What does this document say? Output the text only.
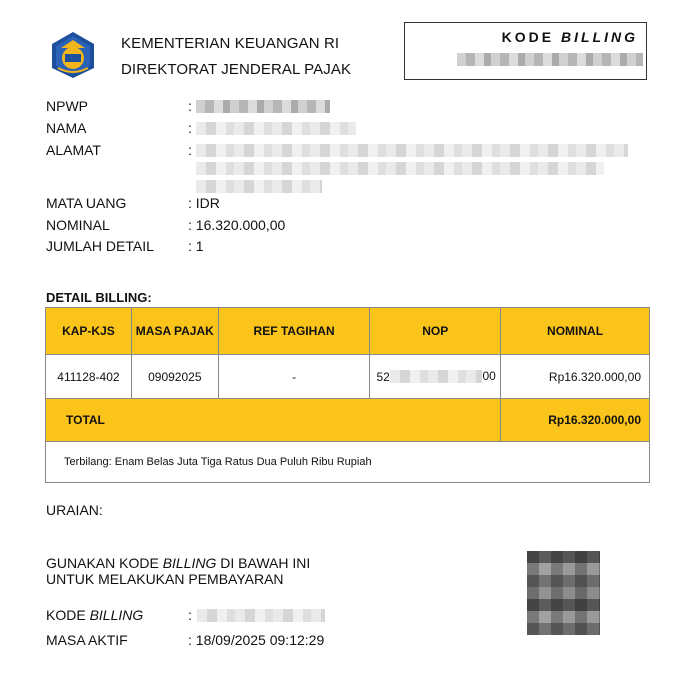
KEMENTERIAN KEUANGAN RI
DIREKTORAT JENDERAL PAJAK
KODE BILLING
NPWP	:
NAMA	:
ALAMAT	:
MATA UANG	: IDR
NOMINAL	: 16.320.000,00
JUMLAH DETAIL : 1
DETAIL BILLING:
KAP-KJS	MASA PAJAK	REF TAGIHAN	NOP	NOMINAL
411128-402	09092025	-	52 00	Rp16.320.000,00
TOTAL				Rp16.320.000,00
Terbilang: Enam Belas Juta Tiga Ratus Dua Puluh Ribu Rupiah				
URAIAN:
GUNAKAN KODE BILLING DI BAWAH INI
UNTUK MELAKUKAN PEMBAYARAN
KODE BILLING	:
MASA AKTIF	: 18/09/2025 09:12:29
